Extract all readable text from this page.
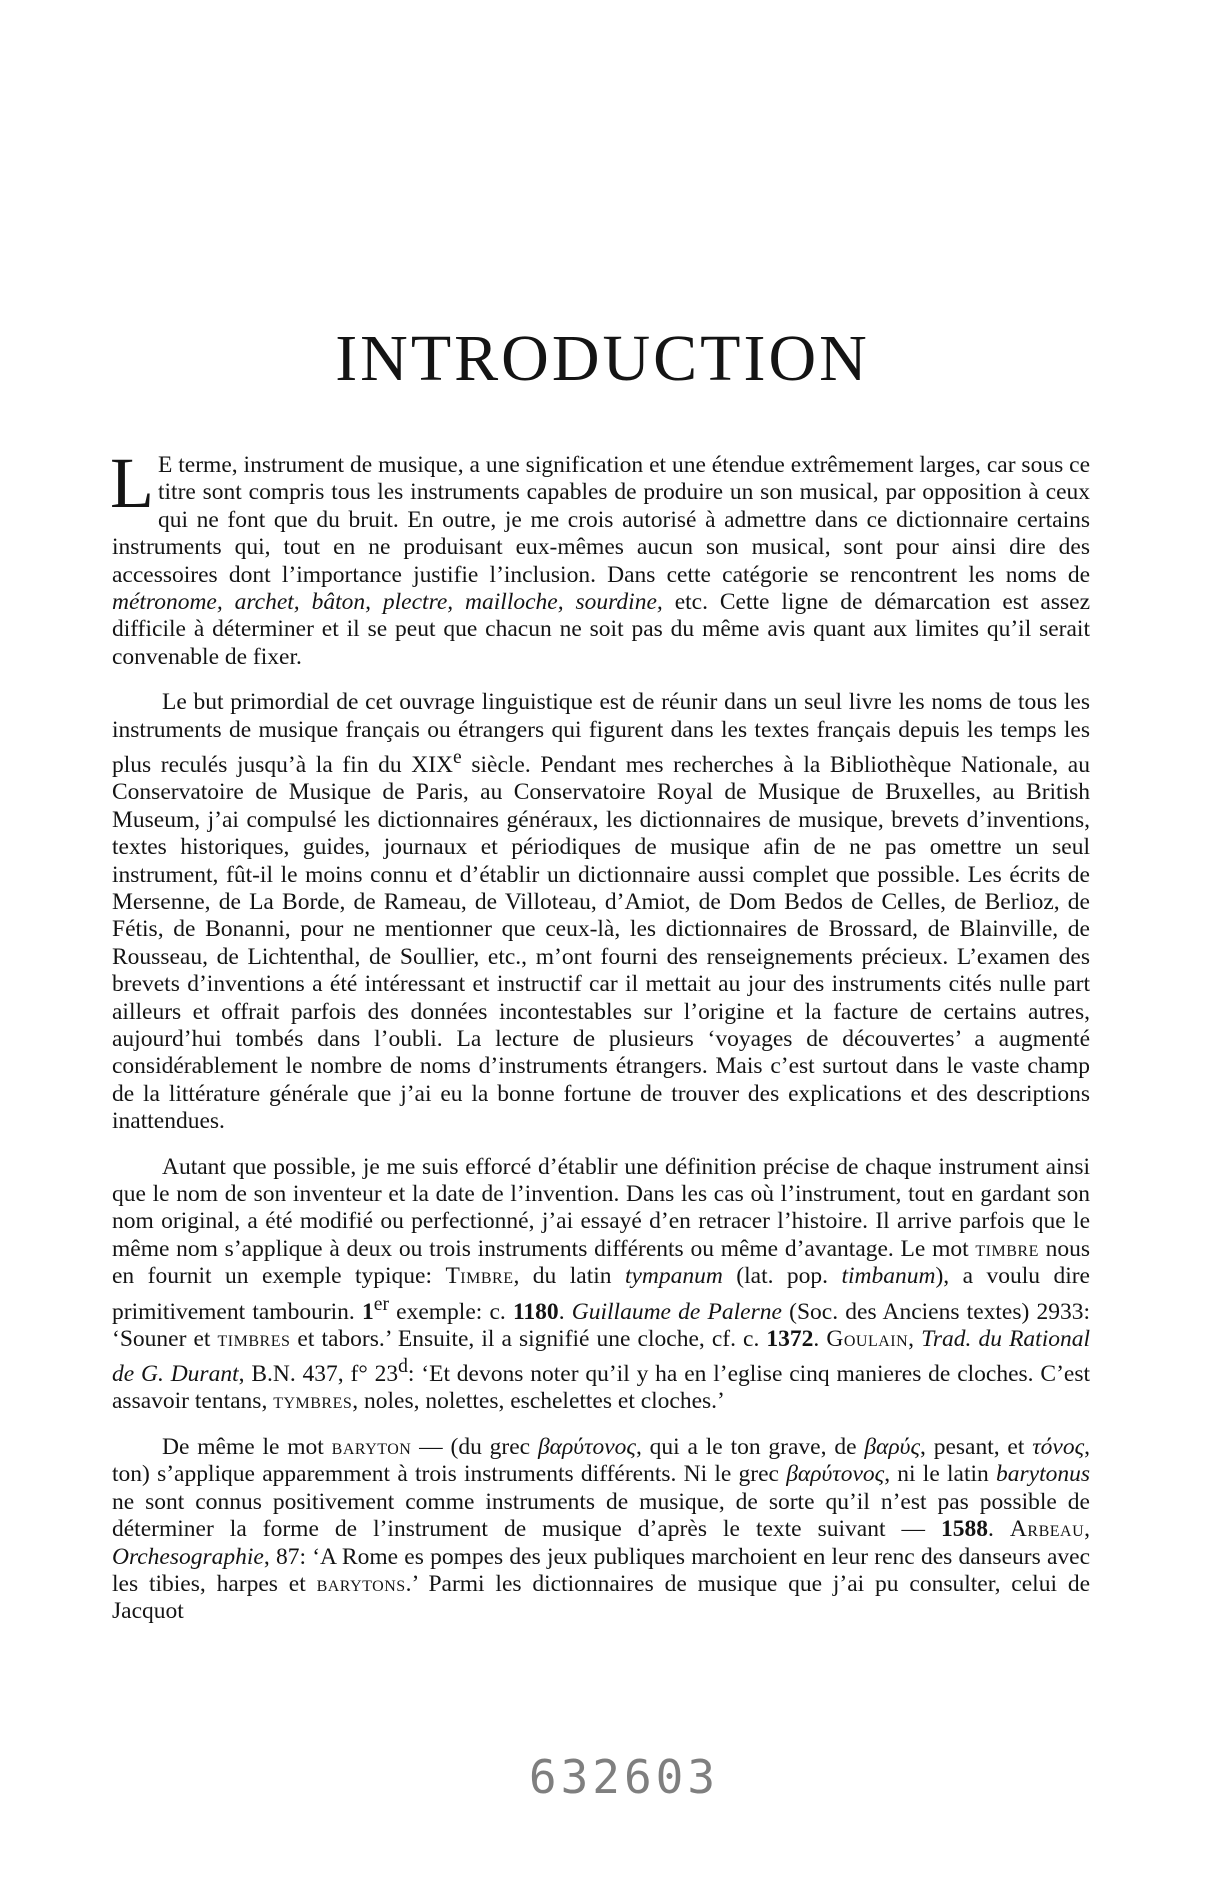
INTRODUCTION

L E terme, instrument de musique, a une signification et une étendue extrêmement larges, car sous ce titre sont compris tous les instruments capables de produire un son musical, par opposition à ceux qui ne font que du bruit. En outre, je me crois autorisé à admettre dans ce dictionnaire certains instruments qui, tout en ne produisant eux-mêmes aucun son musical, sont pour ainsi dire des accessoires dont l’importance justifie l’inclusion. Dans cette catégorie se rencontrent les noms de métronome, archet, bâton, plectre, mailloche, sourdine, etc. Cette ligne de démarcation est assez difficile à déterminer et il se peut que chacun ne soit pas du même avis quant aux limites qu’il serait convenable de fixer.

Le but primordial de cet ouvrage linguistique est de réunir dans un seul livre les noms de tous les instruments de musique français ou étrangers qui figurent dans les textes français depuis les temps les plus reculés jusqu’à la fin du XIXe siècle. Pendant mes recherches à la Bibliothèque Nationale, au Conservatoire de Musique de Paris, au Conservatoire Royal de Musique de Bruxelles, au British Museum, j’ai compulsé les dictionnaires généraux, les dictionnaires de musique, brevets d’inventions, textes historiques, guides, journaux et périodiques de musique afin de ne pas omettre un seul instrument, fût-il le moins connu et d’établir un dictionnaire aussi complet que possible. Les écrits de Mersenne, de La Borde, de Rameau, de Villoteau, d’Amiot, de Dom Bedos de Celles, de Berlioz, de Fétis, de Bonanni, pour ne mentionner que ceux-là, les dictionnaires de Brossard, de Blainville, de Rousseau, de Lichtenthal, de Soullier, etc., m’ont fourni des renseignements précieux. L’examen des brevets d’inventions a été intéressant et instructif car il mettait au jour des instruments cités nulle part ailleurs et offrait parfois des données incontestables sur l’origine et la facture de certains autres, aujourd’hui tombés dans l’oubli. La lecture de plusieurs ‘voyages de découvertes’ a augmenté considérablement le nombre de noms d’instruments étrangers. Mais c’est surtout dans le vaste champ de la littérature générale que j’ai eu la bonne fortune de trouver des explications et des descriptions inattendues.

Autant que possible, je me suis efforcé d’établir une définition précise de chaque instrument ainsi que le nom de son inventeur et la date de l’invention. Dans les cas où l’instrument, tout en gardant son nom original, a été modifié ou perfectionné, j’ai essayé d’en retracer l’histoire. Il arrive parfois que le même nom s’applique à deux ou trois instruments différents ou même d’avantage. Le mot timbre nous en fournit un exemple typique: Timbre, du latin tympanum (lat. pop. timbanum), a voulu dire primitivement tambourin. 1er exemple: c. 1180. Guillaume de Palerne (Soc. des Anciens textes) 2933: ‘Souner et timbres et tabors.’ Ensuite, il a signifié une cloche, cf. c. 1372. Goulain, Trad. du Rational de G. Durant, B.N. 437, f° 23$^d$: ‘Et devons noter qu’il y ha en l’eglise cinq manieres de cloches. C’est assavoir tentans, tymbres, noles, nolettes, eschelettes et cloches.’

De même le mot baryton — (du grec βαρύτονος, qui a le ton grave, de βαρύς, pesant, et τόνος, ton) s’applique apparemment à trois instruments différents. Ni le grec βαρύτονος, ni le latin barytonus ne sont connus positivement comme instruments de musique, de sorte qu’il n’est pas possible de déterminer la forme de l’instrument de musique d’après le texte suivant — 1588. Arbeau, Orchesographie, 87: ‘A Rome es pompes des jeux publiques marchoient en leur renc des danseurs avec les tibies, harpes et barytons.’ Parmi les dictionnaires de musique que j’ai pu consulter, celui de Jacquot

632603
